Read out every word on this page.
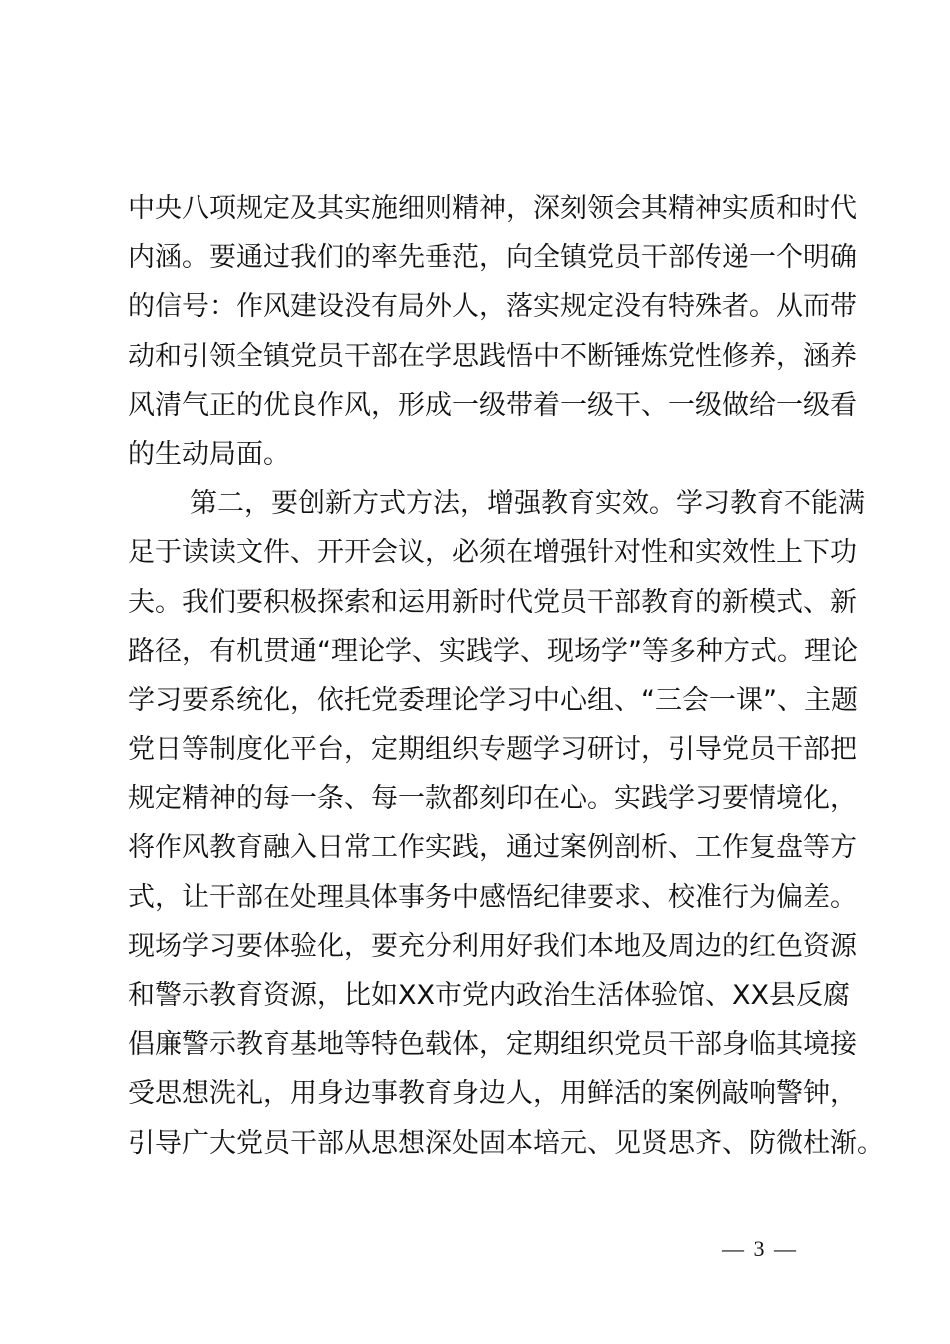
中央八项规定及其实施细则精神，深刻领会其精神实质和时代
内涵。要通过我们的率先垂范，向全镇党员干部传递一个明确
的信号：作风建设没有局外人，落实规定没有特殊者。从而带
动和引领全镇党员干部在学思践悟中不断锤炼党性修养，涵养
风清气正的优良作风，形成一级带着一级干、一级做给一级看
的生动局面。
第二，要创新方式方法，增强教育实效。学习教育不能满
足于读读文件、开开会议，必须在增强针对性和实效性上下功
夫。我们要积极探索和运用新时代党员干部教育的新模式、新
路径，有机贯通“理论学、实践学、现场学”等多种方式。理论
学习要系统化，依托党委理论学习中心组、“三会一课”、主题
党日等制度化平台，定期组织专题学习研讨，引导党员干部把
规定精神的每一条、每一款都刻印在心。实践学习要情境化，
将作风教育融入日常工作实践，通过案例剖析、工作复盘等方
式，让干部在处理具体事务中感悟纪律要求、校准行为偏差。
现场学习要体验化，要充分利用好我们本地及周边的红色资源
和警示教育资源，比如XX市党内政治生活体验馆、XX县反腐
倡廉警示教育基地等特色载体，定期组织党员干部身临其境接
受思想洗礼，用身边事教育身边人，用鲜活的案例敲响警钟，
引导广大党员干部从思想深处固本培元、见贤思齐、防微杜渐。
— 3 —
